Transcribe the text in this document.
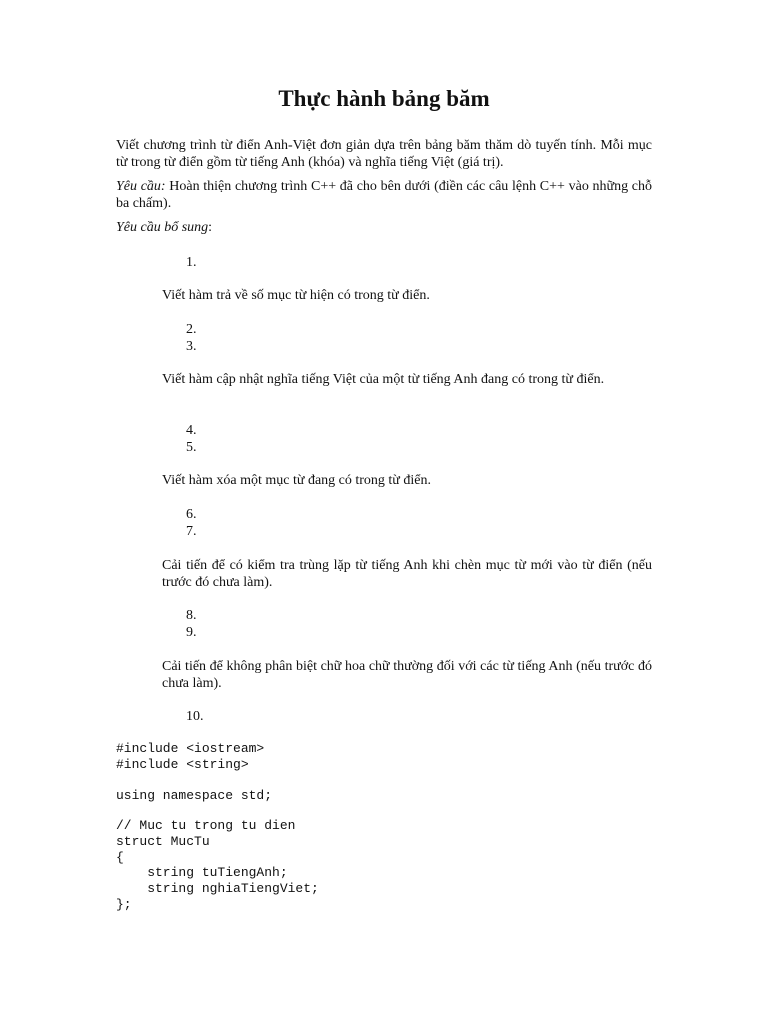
Thực hành bảng băm
Viết chương trình từ điển Anh-Việt đơn giản dựa trên bảng băm thăm dò tuyến tính. Mỗi mục từ trong từ điển gồm từ tiếng Anh (khóa) và nghĩa tiếng Việt (giá trị).
Yêu cầu: Hoàn thiện chương trình C++ đã cho bên dưới (điền các câu lệnh C++ vào những chỗ ba chấm).
Yêu cầu bổ sung:
1.
Viết hàm trả về số mục từ hiện có trong từ điển.
2.
3.
Viết hàm cập nhật nghĩa tiếng Việt của một từ tiếng Anh đang có trong từ điển.
4.
5.
Viết hàm xóa một mục từ đang có trong từ điển.
6.
7.
Cải tiến để có kiểm tra trùng lặp từ tiếng Anh khi chèn mục từ mới vào từ điển (nếu trước đó chưa làm).
8.
9.
Cải tiến để không phân biệt chữ hoa chữ thường đối với các từ tiếng Anh (nếu trước đó chưa làm).
10.
#include <iostream>
#include <string>
using namespace std;
// Muc tu trong tu dien
struct MucTu
{
string tuTiengAnh;
string nghiaTiengViet;
};
